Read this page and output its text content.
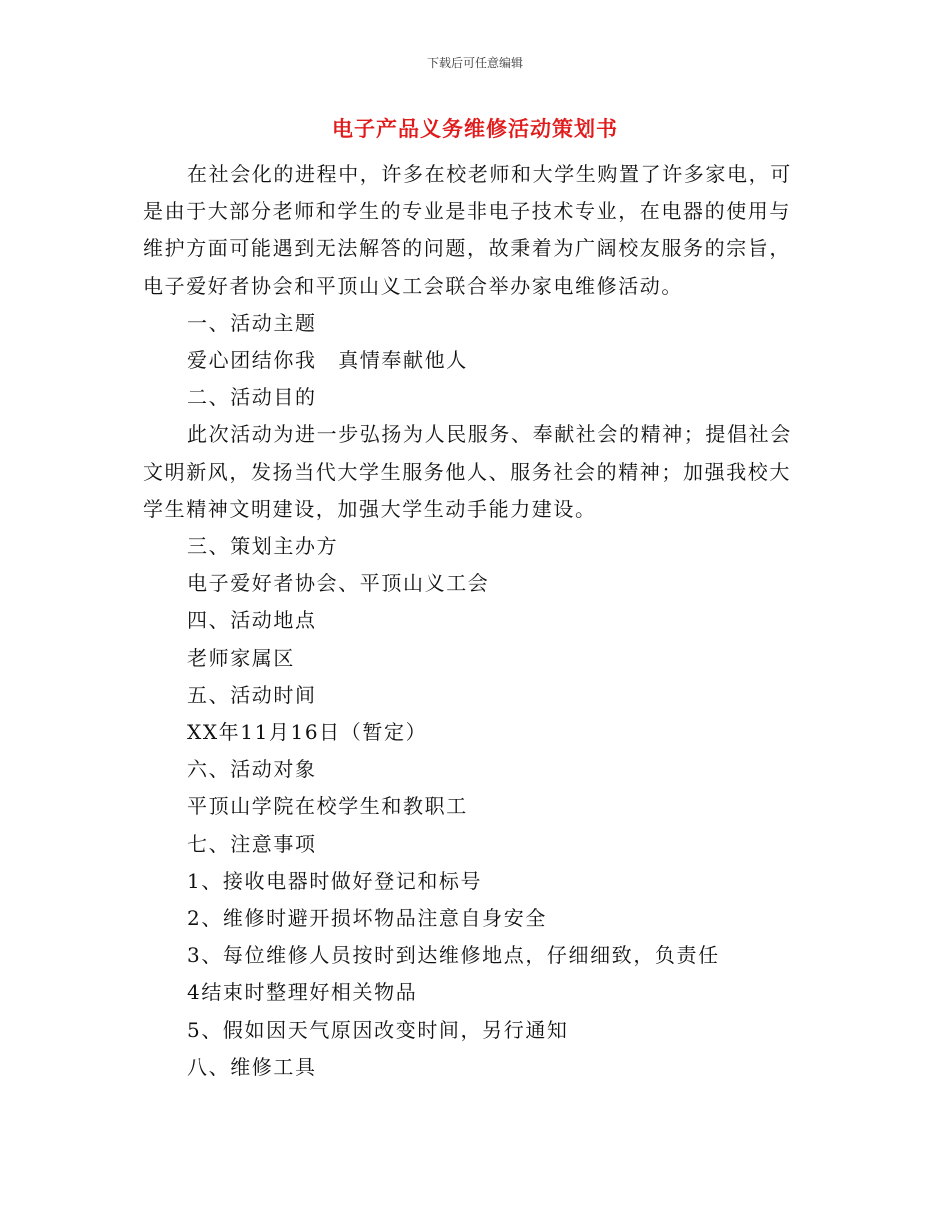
下载后可任意编辑
电子产品义务维修活动策划书

在社会化的进程中，许多在校老师和大学生购置了许多家电，可是由于大部分老师和学生的专业是非电子技术专业，在电器的使用与维护方面可能遇到无法解答的问题，故秉着为广阔校友服务的宗旨，电子爱好者协会和平顶山义工会联合举办家电维修活动。

一、活动主题

爱心团结你我　真情奉献他人

二、活动目的

此次活动为进一步弘扬为人民服务、奉献社会的精神；提倡社会文明新风，发扬当代大学生服务他人、服务社会的精神；加强我校大学生精神文明建设，加强大学生动手能力建设。

三、策划主办方

电子爱好者协会、平顶山义工会

四、活动地点

老师家属区

五、活动时间

XX年11月16日（暂定）

六、活动对象

平顶山学院在校学生和教职工

七、注意事项

1、接收电器时做好登记和标号

2、维修时避开损坏物品注意自身安全

3、每位维修人员按时到达维修地点，仔细细致，负责任

4结束时整理好相关物品

5、假如因天气原因改变时间，另行通知

八、维修工具
